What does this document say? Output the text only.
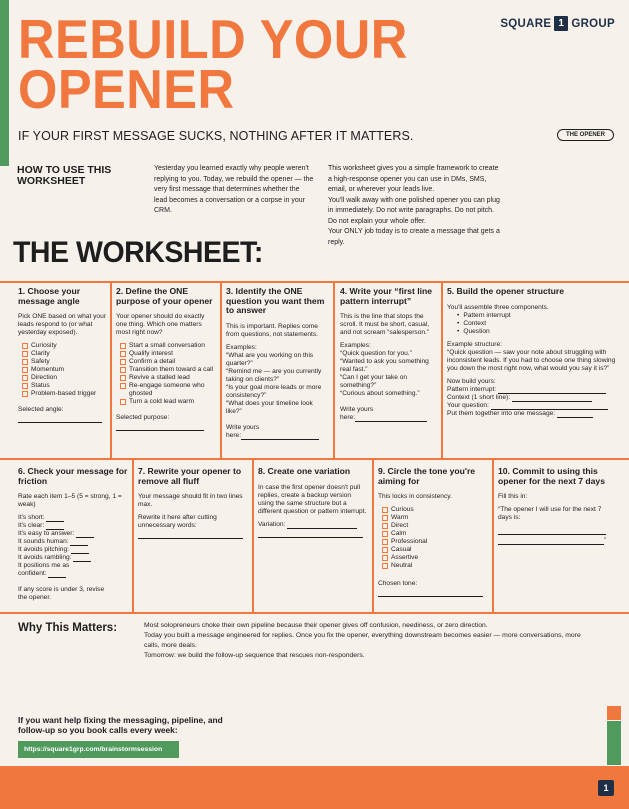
REBUILD YOUR
OPENER
SQUARE 1 GROUP
IF YOUR FIRST MESSAGE SUCKS, NOTHING AFTER IT MATTERS.	THE OPENER
HOW TO USE THIS WORKSHEET
Yesterday you learned exactly why people weren't replying to you. Today, we rebuild the opener — the very first message that determines whether the lead becomes a conversation or a corpse in your CRM.
This worksheet gives you a simple framework to create a high-response opener you can use in DMs, SMS, email, or wherever your leads live.
You'll walk away with one polished opener you can plug in immediately. Do not write paragraphs. Do not pitch.
Do not explain your whole offer.
Your ONLY job today is to create a message that gets a reply.
THE WORKSHEET:
1. Choose your message angle

Pick ONE based on what your leads respond to (or what yesterday exposed).

Curiosity
Clarity
Safety
Momentum
Direction
Status
Problem-based trigger
Selected angle:
2. Define the ONE purpose of your opener

Your opener should do exactly one thing. Which one matters most right now?

Start a small conversation
Qualify interest
Confirm a detail
Transition them toward a call
Revive a stalled lead
Re-engage someone who ghosted
Turn a cold lead warm
Selected purpose:
3. Identify the ONE question you want them to answer

This is important. Replies come from questions, not statements.

Examples:
“What are you working on this quarter?”
“Remind me — are you currently taking on clients?”
“Is your goal more leads or more consistency?”
“What does your timeline look like?”
Write yours
here:
4. Write your “first line pattern interrupt”

This is the line that stops the scroll. It must be short, casual, and not scream “salesperson.”

Examples:
“Quick question for you.”
“Wanted to ask you something real fast.”
“Can I get your take on something?”
“Curious about something.”
Write yours
here:
5. Build the opener structure
You'll assemble three components.
• Pattern interrupt
• Context
• Question

Example structure:
“Quick question — saw your note about struggling with inconsistent leads. If you had to choose one thing slowing you down the most right now, what would you say it is?”

Now build yours:
Pattern interrupt:
Context (1 short line):
Your question:
Put them together into one message:
6. Check your message for friction

Rate each item 1–5 (5 = strong, 1 = weak)

It's short:
It's clear:
It's easy to answer:
It sounds human:
It avoids pitching:
It avoids rambling:
It positions me as confident:

If any score is under 3, revise the opener.

7. Rewrite your opener to remove all fluff

Your message should fit in two lines max.

Rewrite it here after cutting unnecessary words:
8. Create one variation

In case the first opener doesn't pull replies, create a backup version using the same structure but a different question or pattern interrupt.

Variation:
9. Circle the tone you're aiming for

This locks in consistency.

Curious
Warm
Direct
Calm
Professional
Casual
Assertive
Neutral
Chosen tone:
10. Commit to using this opener for the next 7 days

Fill this in:

“The opener I will use for the next 7 days is:

”
Why This Matters:	Most solopreneurs choke their own pipeline because their opener gives off confusion, neediness, or zero direction.
Today you built a message engineered for replies. Once you fix the opener, everything downstream becomes easier — more conversations, more calls, more deals.
Tomorrow: we build the follow-up sequence that rescues non-responders.
If you want help fixing the messaging, pipeline, and follow-up so you book calls every week:
https://square1grp.com/brainstormsession
1
